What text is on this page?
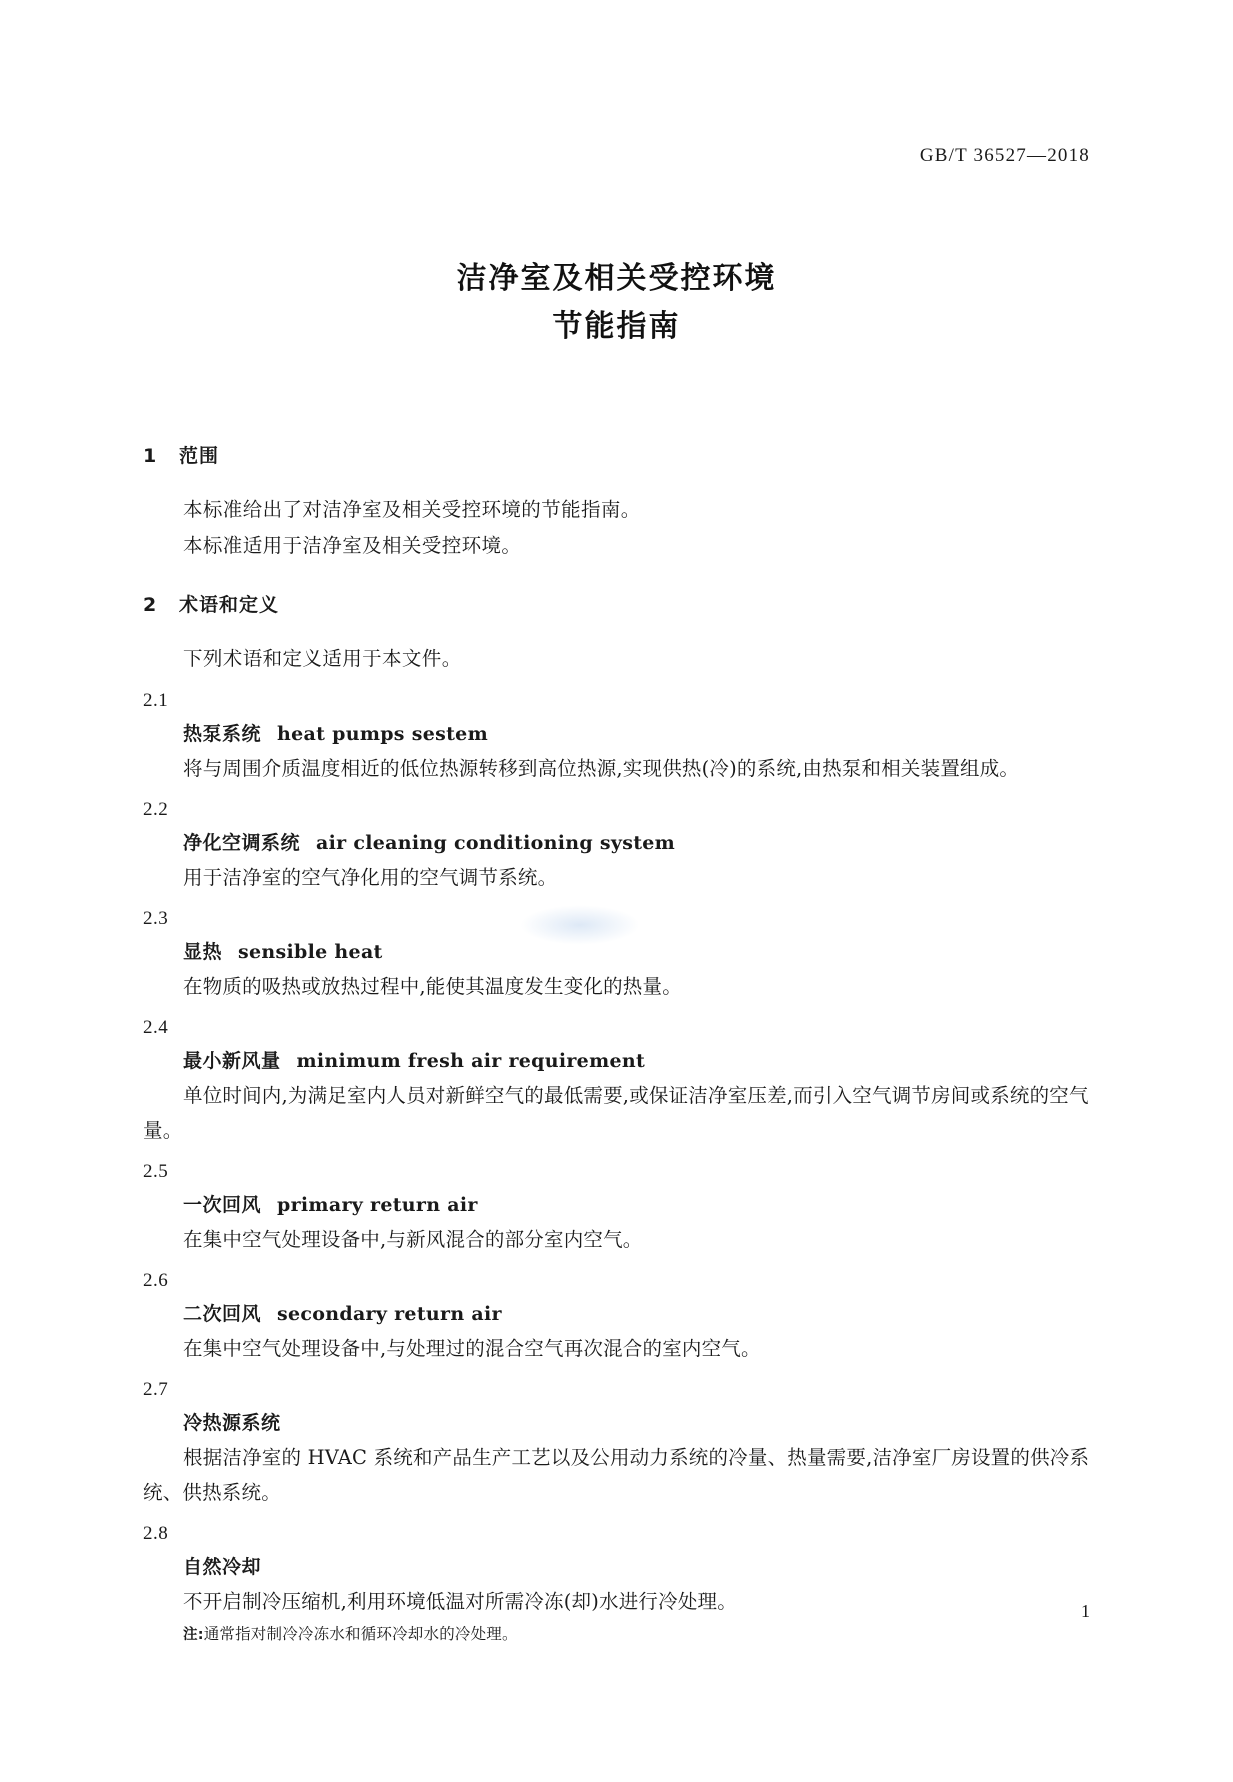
GB/T 36527—2018
洁净室及相关受控环境
节能指南
1 范围

本标准给出了对洁净室及相关受控环境的节能指南。

本标准适用于洁净室及相关受控环境。

2 术语和定义

下列术语和定义适用于本文件。

2.1
热泵系统 heat pumps sestem

将与周围介质温度相近的低位热源转移到高位热源,实现供热(冷)的系统,由热泵和相关装置组成。

2.2
净化空调系统 air cleaning conditioning system

用于洁净室的空气净化用的空气调节系统。

2.3
显热 sensible heat

在物质的吸热或放热过程中,能使其温度发生变化的热量。

2.4
最小新风量 minimum fresh air requirement

单位时间内,为满足室内人员对新鲜空气的最低需要,或保证洁净室压差,而引入空气调节房间或系统的空气量。

2.5
一次回风 primary return air

在集中空气处理设备中,与新风混合的部分室内空气。

2.6
二次回风 secondary return air

在集中空气处理设备中,与处理过的混合空气再次混合的室内空气。

2.7
冷热源系统

根据洁净室的 HVAC 系统和产品生产工艺以及公用动力系统的冷量、热量需要,洁净室厂房设置的供冷系统、供热系统。

2.8
自然冷却

不开启制冷压缩机,利用环境低温对所需冷冻(却)水进行冷处理。

注:通常指对制冷冷冻水和循环冷却水的冷处理。
1
